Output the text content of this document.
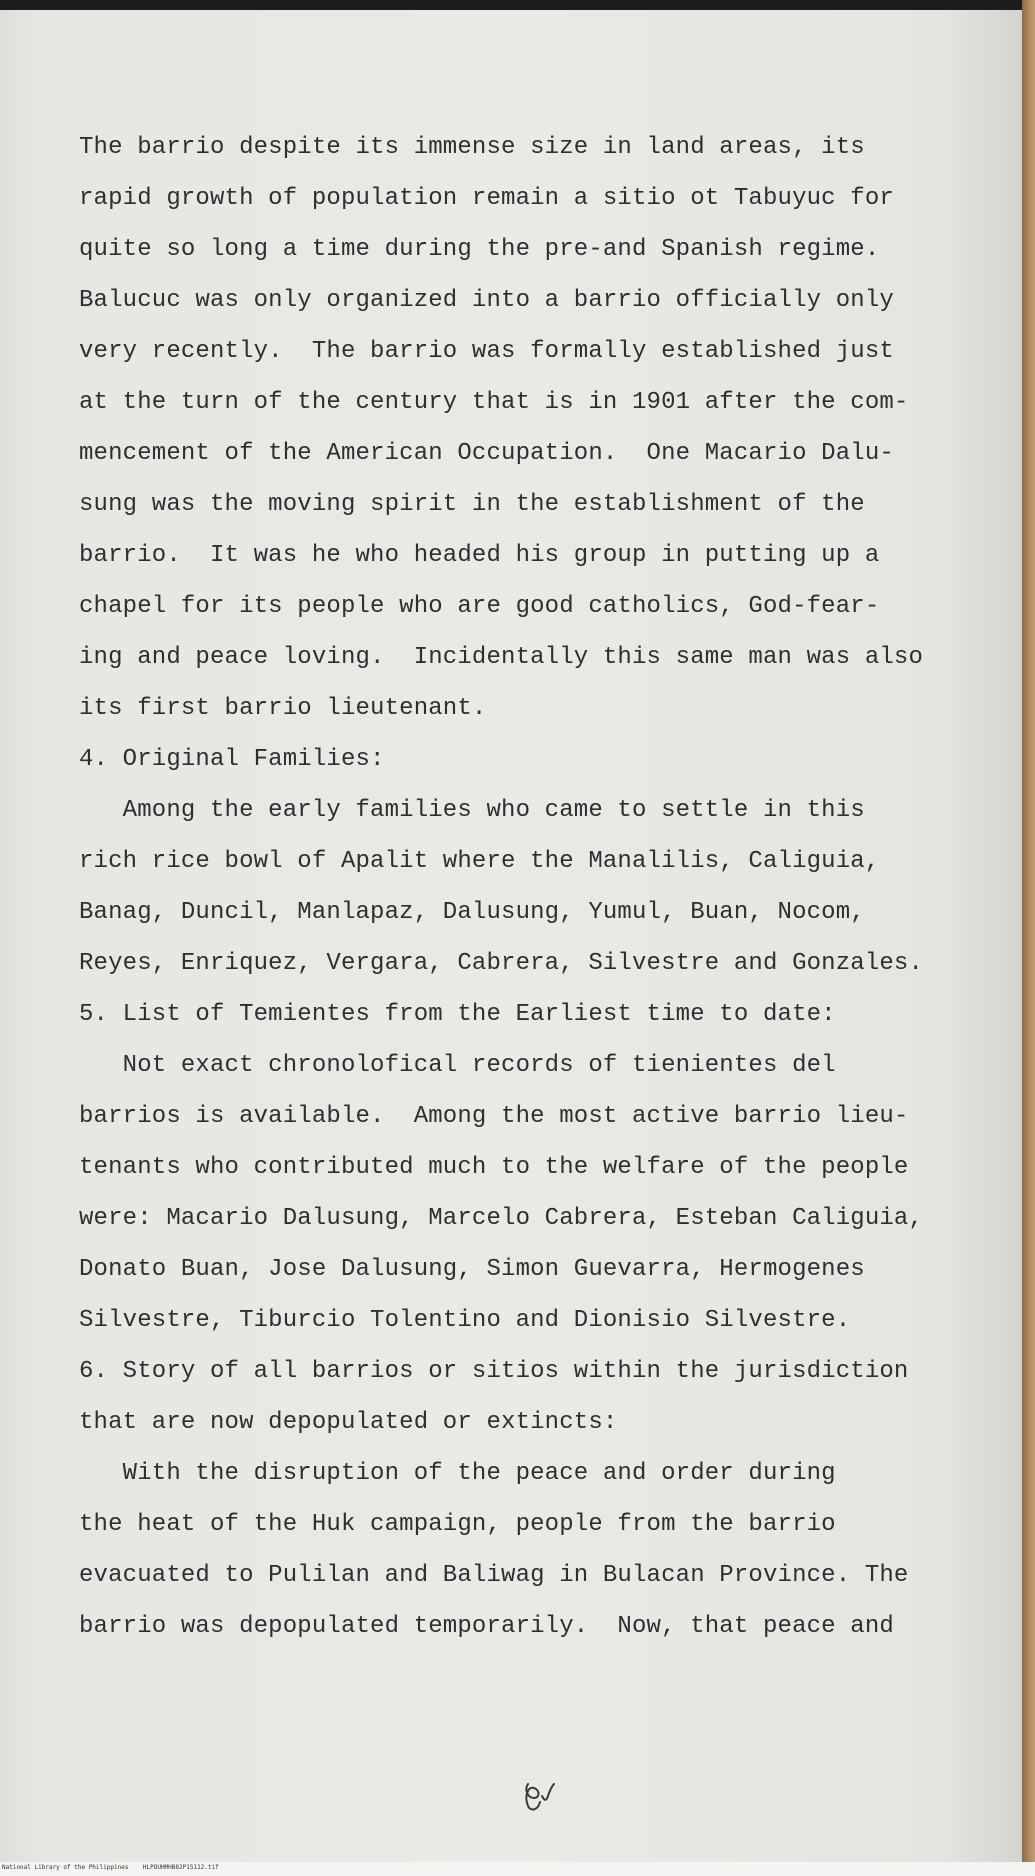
The barrio despite its immense size in land areas, its
rapid growth of population remain a sitio ot Tabuyuc for
quite so long a time during the pre-and Spanish regime.
Balucuc was only organized into a barrio officially only
very recently.  The barrio was formally established just
at the turn of the century that is in 1901 after the com-
mencement of the American Occupation.  One Macario Dalu-
sung was the moving spirit in the establishment of the
barrio.  It was he who headed his group in putting up a
chapel for its people who are good catholics, God-fear-
ing and peace loving.  Incidentally this same man was also
its first barrio lieutenant.
4. Original Families:
Among the early families who came to settle in this
rich rice bowl of Apalit where the Manalilis, Caliguia,
Banag, Duncil, Manlapaz, Dalusung, Yumul, Buan, Nocom,
Reyes, Enriquez, Vergara, Cabrera, Silvestre and Gonzales.
5. List of Temientes from the Earliest time to date:
Not exact chronolofical records of tienientes del
barrios is available.  Among the most active barrio lieu-
tenants who contributed much to the welfare of the people
were: Macario Dalusung, Marcelo Cabrera, Esteban Caliguia,
Donato Buan, Jose Dalusung, Simon Guevarra, Hermogenes
Silvestre, Tiburcio Tolentino and Dionisio Silvestre.
6. Story of all barrios or sitios within the jurisdiction
that are now depopulated or extincts:
With the disruption of the peace and order during
the heat of the Huk campaign, people from the barrio
evacuated to Pulilan and Baliwag in Bulacan Province. The
barrio was depopulated temporarily.  Now, that peace and
National Library of the Philippines    HLPOUHMHB82P15112.tif
